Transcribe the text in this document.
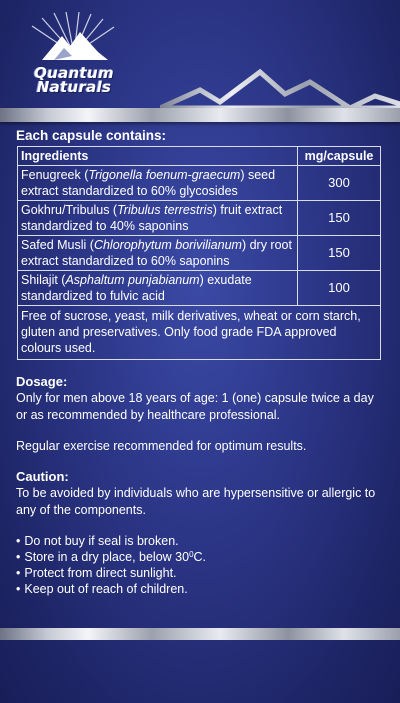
Quantum
Naturals
Each capsule contains:
Ingredients	mg/capsule
Fenugreek (Trigonella foenum-graecum) seed extract standardized to 60% glycosides	300
Gokhru/Tribulus (Tribulus terrestris) fruit extract standardized to 40% saponins	150
Safed Musli (Chlorophytum borivilianum) dry root extract standardized to 60% saponins	150
Shilajit (Asphaltum punjabianum) exudate standardized to fulvic acid	100
Free of sucrose, yeast, milk derivatives, wheat or corn starch, gluten and preservatives. Only food grade FDA approved colours used.	
Dosage:

Only for men above 18 years of age: 1 (one) capsule twice a day or as recommended by healthcare professional.

Regular exercise recommended for optimum results.

Caution:

To be avoided by individuals who are hypersensitive or allergic to any of the components.

• Do not buy if seal is broken.
• Store in a dry place, below $30^0C$.
• Protect from direct sunlight.
• Keep out of reach of children.
